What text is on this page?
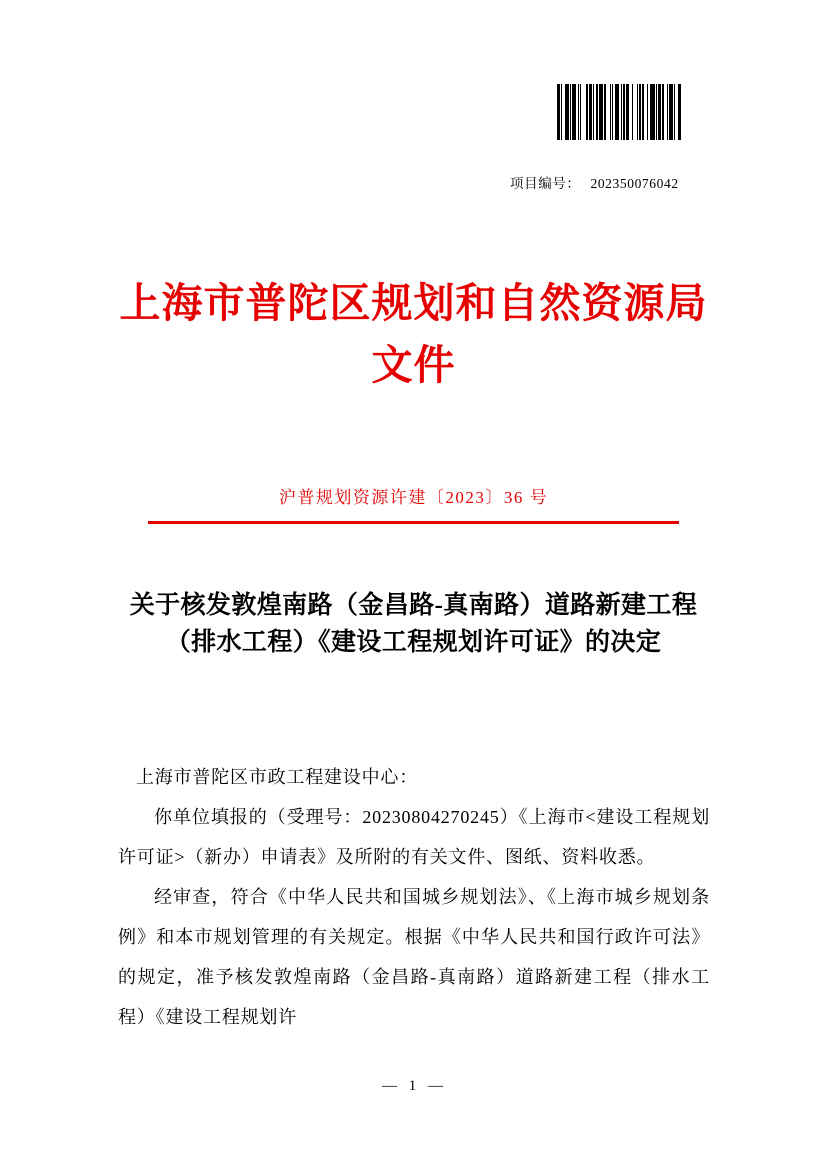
项目编号： 202350076042
上海市普陀区规划和自然资源局
文件
沪普规划资源许建〔2023〕36 号
关于核发敦煌南路（金昌路-真南路）道路新建工程（排水工程）《建设工程规划许可证》的决定

上海市普陀区市政工程建设中心：

你单位填报的（受理号：20230804270245）《上海市<建设工程规划许可证>（新办）申请表》及所附的有关文件、图纸、资料收悉。

经审查，符合《中华人民共和国城乡规划法》、《上海市城乡规划条例》和本市规划管理的有关规定。根据《中华人民共和国行政许可法》的规定，准予核发敦煌南路（金昌路-真南路）道路新建工程（排水工程）《建设工程规划许

— 1 —
